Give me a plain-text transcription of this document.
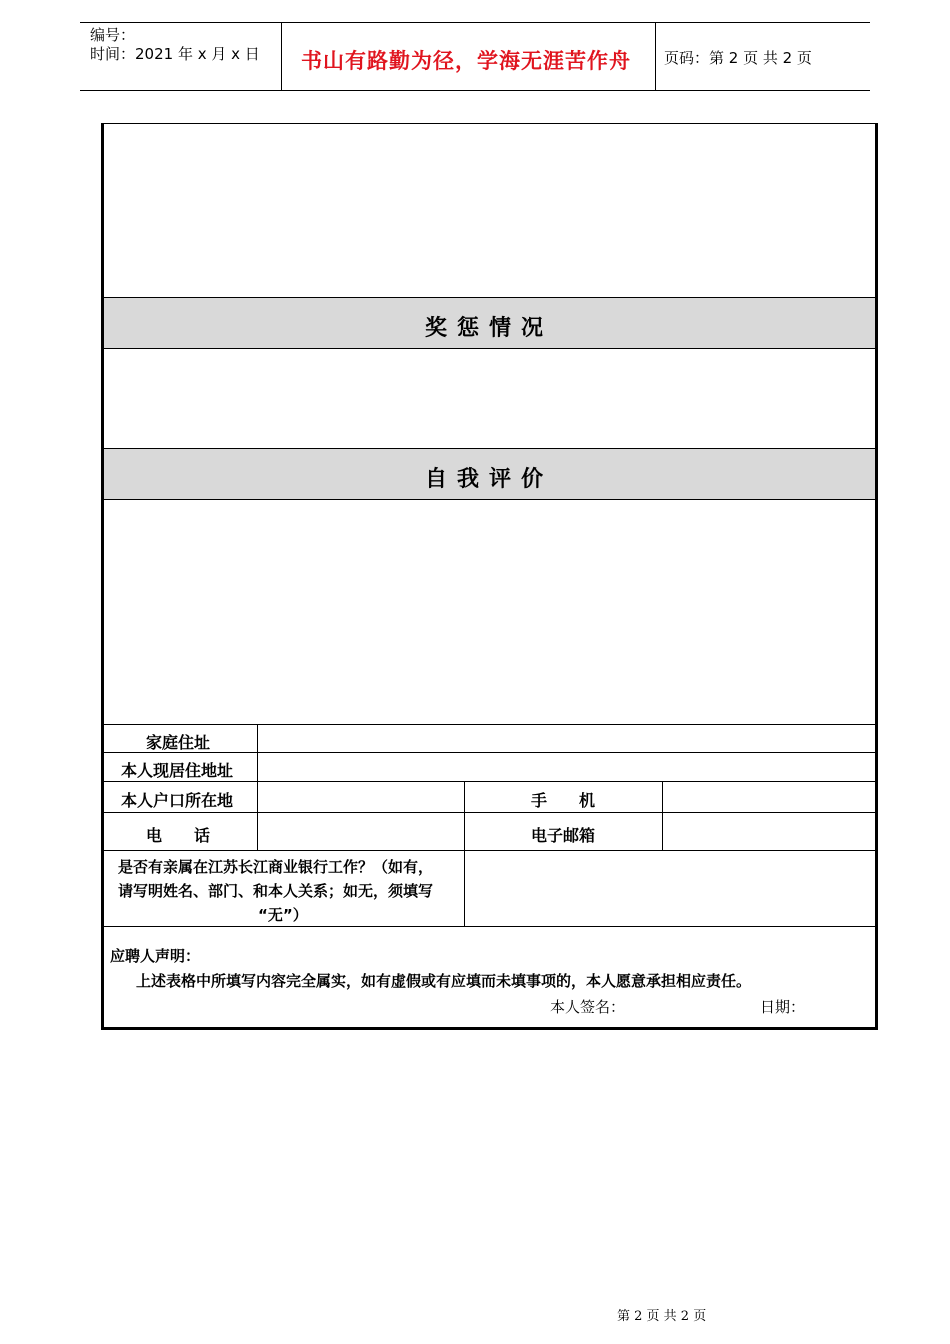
编号：
时间：2021 年 x 月 x 日 书山有路勤为径，学海无涯苦作舟 页码：第 2 页 共 2 页
奖惩情况
自我评价
家庭住址
本人现居住地址
本人户口所在地	手　　机
电　　话	电子邮箱
是否有亲属在江苏长江商业银行工作？（如有，
请写明姓名、部门、和本人关系；如无，须填写
“无”）
应聘人声明：
上述表格中所填写内容完全属实，如有虚假或有应填而未填事项的，本人愿意承担相应责任。
本人签名：	日期：
第 2 页 共 2 页
